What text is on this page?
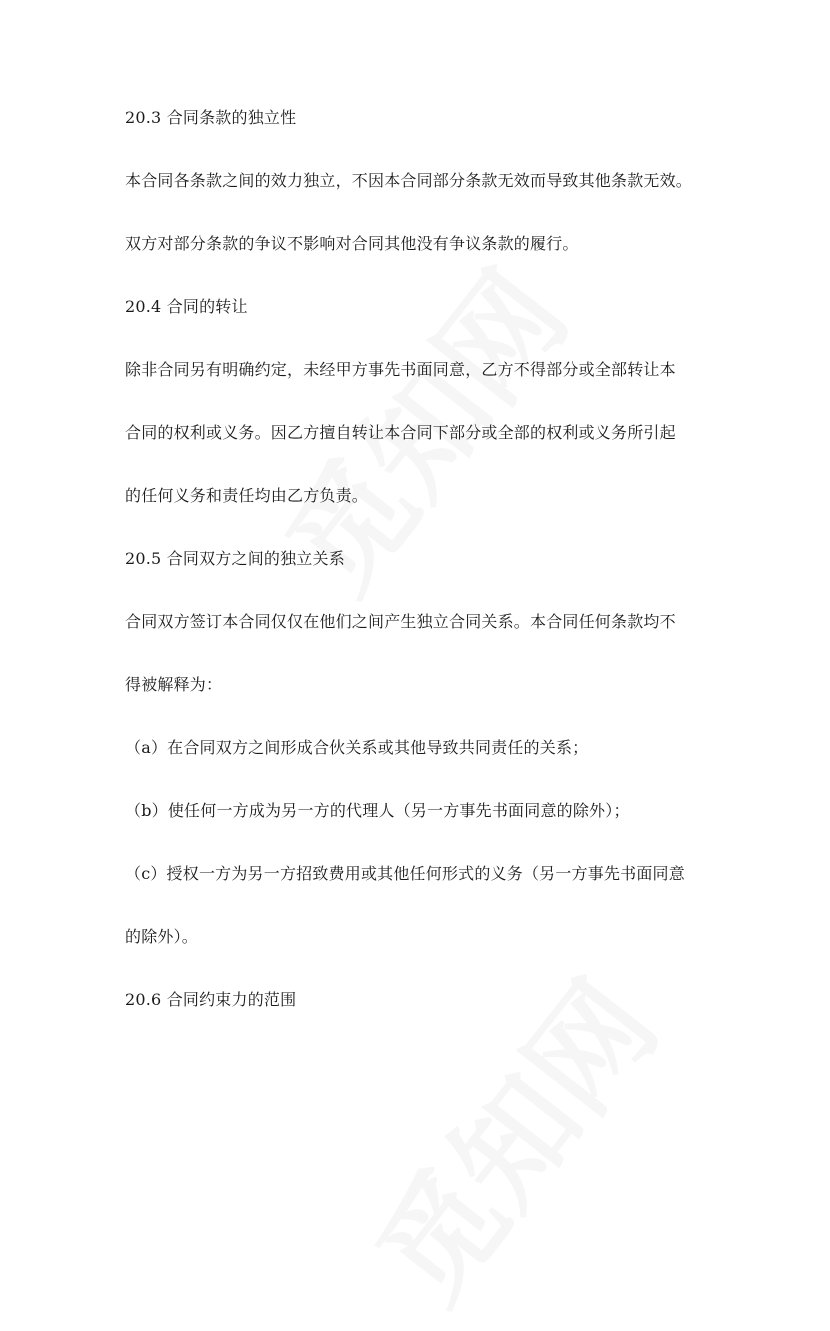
20.3 合同条款的独立性
本合同各条款之间的效力独立，不因本合同部分条款无效而导致其他条款无效。
双方对部分条款的争议不影响对合同其他没有争议条款的履行。
20.4 合同的转让
除非合同另有明确约定，未经甲方事先书面同意，乙方不得部分或全部转让本
合同的权利或义务。因乙方擅自转让本合同下部分或全部的权利或义务所引起
的任何义务和责任均由乙方负责。
20.5 合同双方之间的独立关系
合同双方签订本合同仅仅在他们之间产生独立合同关系。本合同任何条款均不
得被解释为：
（a）在合同双方之间形成合伙关系或其他导致共同责任的关系；
（b）使任何一方成为另一方的代理人（另一方事先书面同意的除外）；
（c）授权一方为另一方招致费用或其他任何形式的义务（另一方事先书面同意
的除外）。
20.6 合同约束力的范围
